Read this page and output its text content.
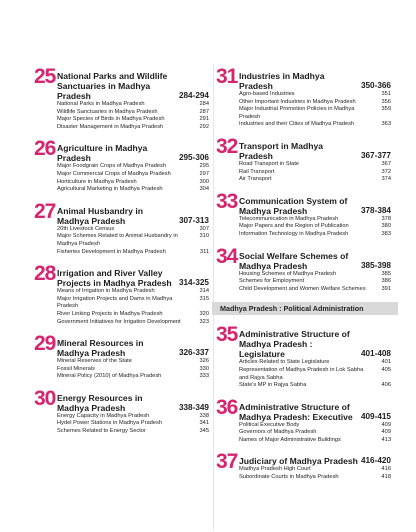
25 National Parks and Wildlife Sanctuaries in Madhya Pradesh	284-294
National Parks in Madhya Pradesh	284
Wildlife Sanctuaries in Madhya Pradesh	287
Major Species of Birds in Madhya Pradesh	291
Disaster Management in Madhya Pradesh	292
26 Agriculture in Madhya Pradesh	295-306
Major Foodgrain Crops of Madhya Pradesh	295
Major Commercial Crops of Madhya Pradesh	297
Horticulture in Madhya Pradesh	300
Agricultural Marketing in Madhya Pradesh	304
27 Animal Husbandry in Madhya Pradesh	307-313
20th Livestock Census	307
Major Schemes Related to Animal Husbandry in Madhya Pradesh
310
Fisheries Development in Madhya Pradesh	311
28 Irrigation and River Valley Projects in Madhya Pradesh 314-325
Means of Irrigation in Madhya Pradesh	314
Major Irrigation Projects and Dams in Madhya Pradesh
315
River Linking Projects in Madhya Pradesh	320
Government Initiatives for Irrigation Development	323
29 Mineral Resources in Madhya Pradesh	326-337
Mineral Reserves of the State	326
Fossil Minerals	330
Mineral Policy (2010) of Madhya Pradesh	333
30 Energy Resources in Madhya Pradesh	338-349
Energy Capacity in Madhya Pradesh	338
Hydel Power Stations in Madhya Pradesh	341
Schemes Related to Energy Sector	345
31 Industries in Madhya Pradesh	350-366
Agro-based Industries	351
Other Important Industries in Madhya Pradesh	356
Major Industrial Promotion Policies in Madhya Pradesh
359
Industries and their Cities of Madhya Pradesh	363
32 Transport in Madhya Pradesh	367-377
Road Transport in State	367
Rail Transport	372
Air Transport	374
33 Communication System of Madhya Pradesh	378-384
Telecommunication in Madhya Pradesh	378
Major Papers and the Region of Publication	380
Information Technology in Madhya Pradesh	383
34 Social Welfare Schemes of Madhya Pradesh	385-398
Housing Schemes of Madhya Pradesh	385
Schemes for Employment	386
Child Development and Women Welfare Schemes	391
Madhya Pradesh : Political Administration
35 Administrative Structure of Madhya Pradesh : Legislature	401-408
Articles Related to State Legislature	401
Representation of Madhya Pradesh in Lok Sabha and Rajya Sabha
405
State's MP in Rajya Sabha	406
36 Administrative Structure of Madhya Pradesh: Executive	409-415
Political Executive Body	409
Governors of Madhya Pradesh	409
Names of Major Administrative Buildings	413
37 Judiciary of Madhya Pradesh 416-420
Madhya Pradesh High Court	416
Subordinate Courts in Madhya Pradesh	418
